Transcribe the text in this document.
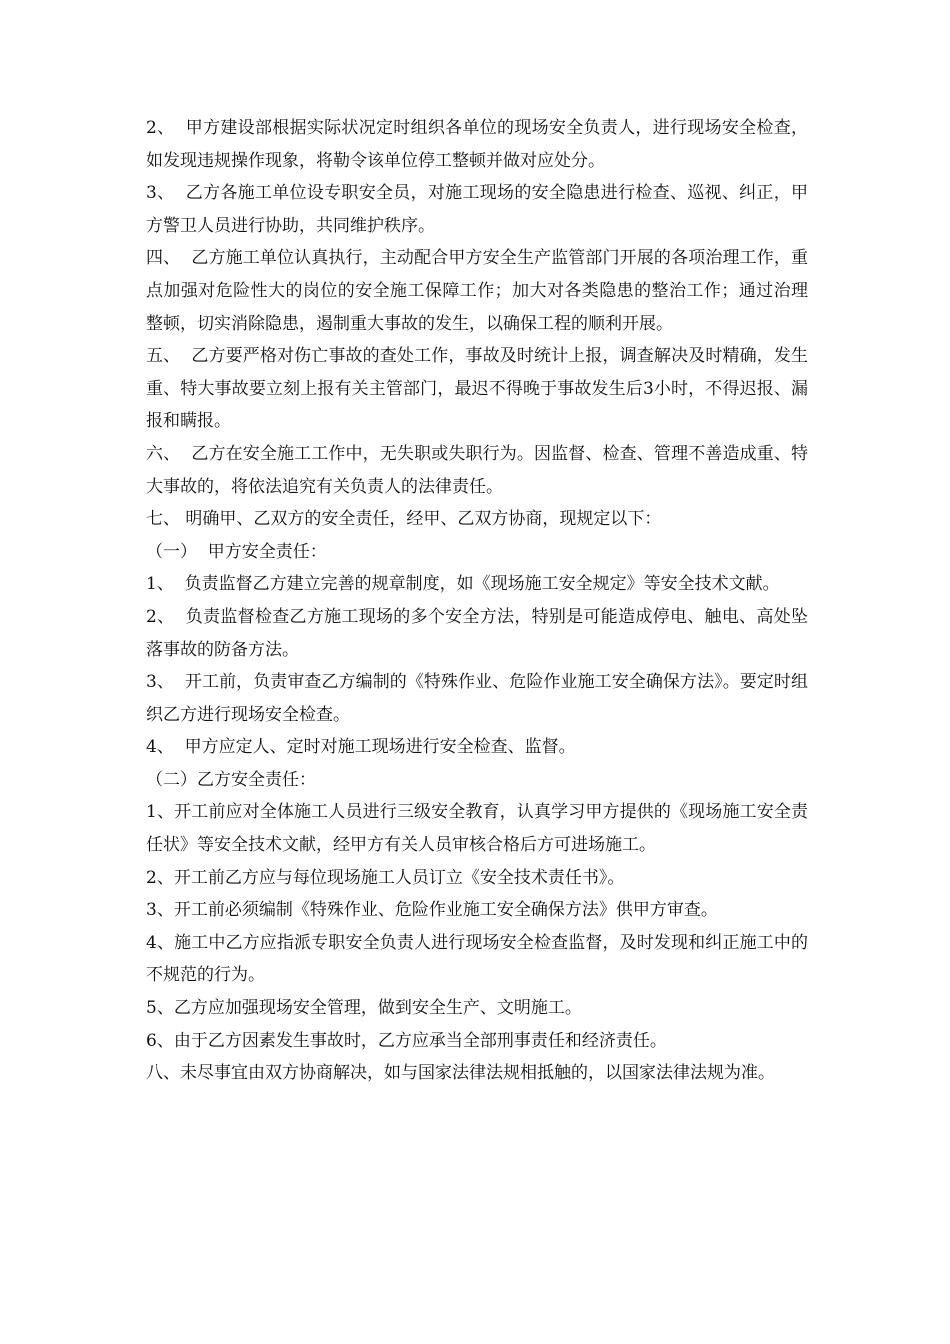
2、  甲方建设部根据实际状况定时组织各单位的现场安全负责人，进行现场安全检查，如发现违规操作现象，将勒令该单位停工整顿并做对应处分。

3、  乙方各施工单位设专职安全员，对施工现场的安全隐患进行检查、巡视、纠正，甲方警卫人员进行协助，共同维护秩序。

四、  乙方施工单位认真执行，主动配合甲方安全生产监管部门开展的各项治理工作，重点加强对危险性大的岗位的安全施工保障工作；加大对各类隐患的整治工作；通过治理整顿，切实消除隐患，遏制重大事故的发生，以确保工程的顺利开展。

五、  乙方要严格对伤亡事故的查处工作，事故及时统计上报，调查解决及时精确，发生重、特大事故要立刻上报有关主管部门，最迟不得晚于事故发生后3小时，不得迟报、漏报和瞒报。

六、  乙方在安全施工工作中，无失职或失职行为。因监督、检查、管理不善造成重、特大事故的，将依法追究有关负责人的法律责任。

七、 明确甲、乙双方的安全责任，经甲、乙双方协商，现规定以下：

（一）  甲方安全责任：

1、  负责监督乙方建立完善的规章制度，如《现场施工安全规定》等安全技术文献。

2、  负责监督检查乙方施工现场的多个安全方法，特别是可能造成停电、触电、高处坠落事故的防备方法。

3、  开工前，负责审查乙方编制的《特殊作业、危险作业施工安全确保方法》。要定时组织乙方进行现场安全检查。

4、  甲方应定人、定时对施工现场进行安全检查、监督。

（二）乙方安全责任：

1、开工前应对全体施工人员进行三级安全教育，认真学习甲方提供的《现场施工安全责任状》等安全技术文献，经甲方有关人员审核合格后方可进场施工。

2、开工前乙方应与每位现场施工人员订立《安全技术责任书》。

3、开工前必须编制《特殊作业、危险作业施工安全确保方法》供甲方审查。

4、施工中乙方应指派专职安全负责人进行现场安全检查监督，及时发现和纠正施工中的不规范的行为。

5、乙方应加强现场安全管理，做到安全生产、文明施工。

6、由于乙方因素发生事故时，乙方应承当全部刑事责任和经济责任。

八、未尽事宜由双方协商解决，如与国家法律法规相抵触的，以国家法律法规为准。
